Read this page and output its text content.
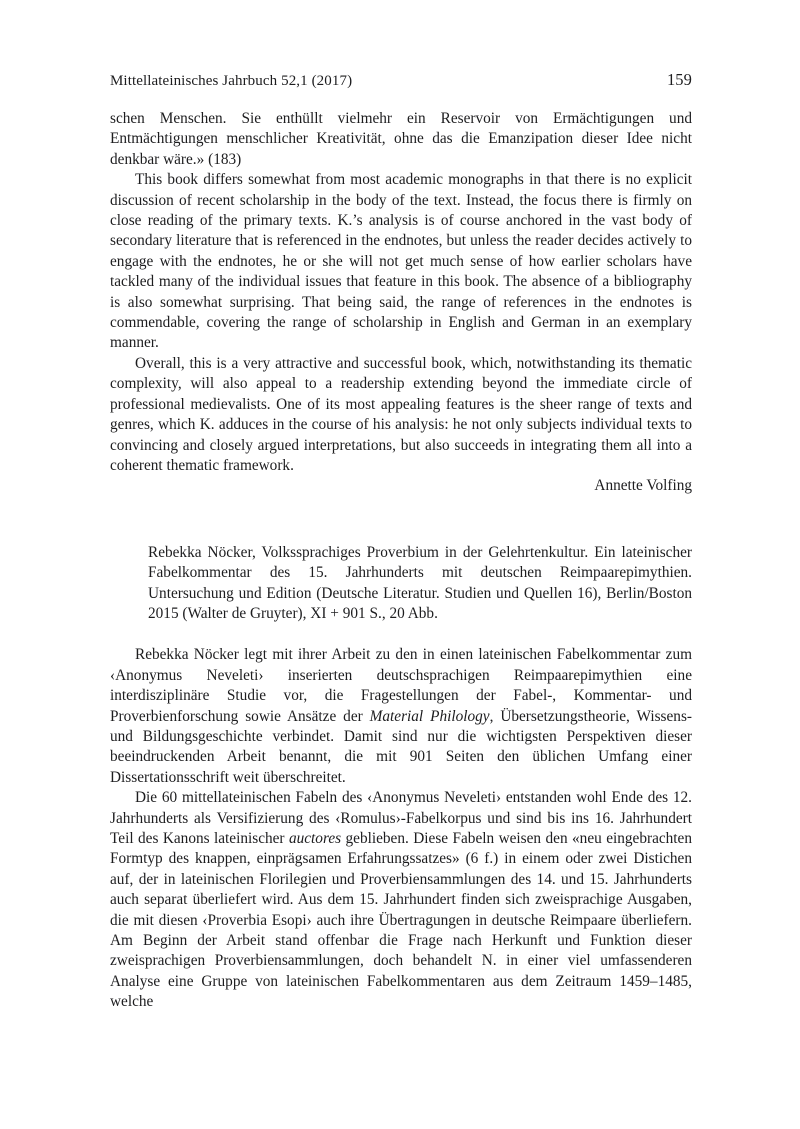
Mittellateinisches Jahrbuch 52,1 (2017)	159

schen Menschen. Sie enthüllt vielmehr ein Reservoir von Ermächtigungen und Entmächtigungen menschlicher Kreativität, ohne das die Emanzipation dieser Idee nicht denkbar wäre.» (183)

This book differs somewhat from most academic monographs in that there is no explicit discussion of recent scholarship in the body of the text. Instead, the focus there is firmly on close reading of the primary texts. K.’s analysis is of course anchored in the vast body of secondary literature that is referenced in the endnotes, but unless the reader decides actively to engage with the endnotes, he or she will not get much sense of how earlier scholars have tackled many of the individual issues that feature in this book. The absence of a bibliography is also somewhat surprising. That being said, the range of references in the endnotes is commendable, covering the range of scholarship in English and German in an exemplary manner.

Overall, this is a very attractive and successful book, which, notwithstanding its thematic complexity, will also appeal to a readership extending beyond the immediate circle of professional medievalists. One of its most appealing features is the sheer range of texts and genres, which K. adduces in the course of his analysis: he not only subjects individual texts to convincing and closely argued interpretations, but also succeeds in integrating them all into a coherent thematic framework.

Annette Volfing

Rebekka Nöcker, Volkssprachiges Proverbium in der Gelehrtenkultur. Ein lateinischer Fabelkommentar des 15. Jahrhunderts mit deutschen Reimpaarepimythien. Untersuchung und Edition (Deutsche Literatur. Studien und Quellen 16), Berlin/Boston 2015 (Walter de Gruyter), XI + 901 S., 20 Abb.

Rebekka Nöcker legt mit ihrer Arbeit zu den in einen lateinischen Fabelkommentar zum ‹Anonymus Neveleti› inserierten deutschsprachigen Reimpaarepimythien eine interdisziplinäre Studie vor, die Fragestellungen der Fabel-, Kommentar- und Proverbienforschung sowie Ansätze der Material Philology, Übersetzungstheorie, Wissens- und Bildungsgeschichte verbindet. Damit sind nur die wichtigsten Perspektiven dieser beeindruckenden Arbeit benannt, die mit 901 Seiten den üblichen Umfang einer Dissertationsschrift weit überschreitet.

Die 60 mittellateinischen Fabeln des ‹Anonymus Neveleti› entstanden wohl Ende des 12. Jahrhunderts als Versifizierung des ‹Romulus›-Fabelkorpus und sind bis ins 16. Jahrhundert Teil des Kanons lateinischer auctores geblieben. Diese Fabeln weisen den «neu eingebrachten Formtyp des knappen, einprägsamen Erfahrungssatzes» (6 f.) in einem oder zwei Distichen auf, der in lateinischen Florilegien und Proverbiensammlungen des 14. und 15. Jahrhunderts auch separat überliefert wird. Aus dem 15. Jahrhundert finden sich zweisprachige Ausgaben, die mit diesen ‹Proverbia Esopi› auch ihre Übertragungen in deutsche Reimpaare überliefern. Am Beginn der Arbeit stand offenbar die Frage nach Herkunft und Funktion dieser zweisprachigen Proverbiensammlungen, doch behandelt N. in einer viel umfassenderen Analyse eine Gruppe von lateinischen Fabelkommentaren aus dem Zeitraum 1459–1485, welche
